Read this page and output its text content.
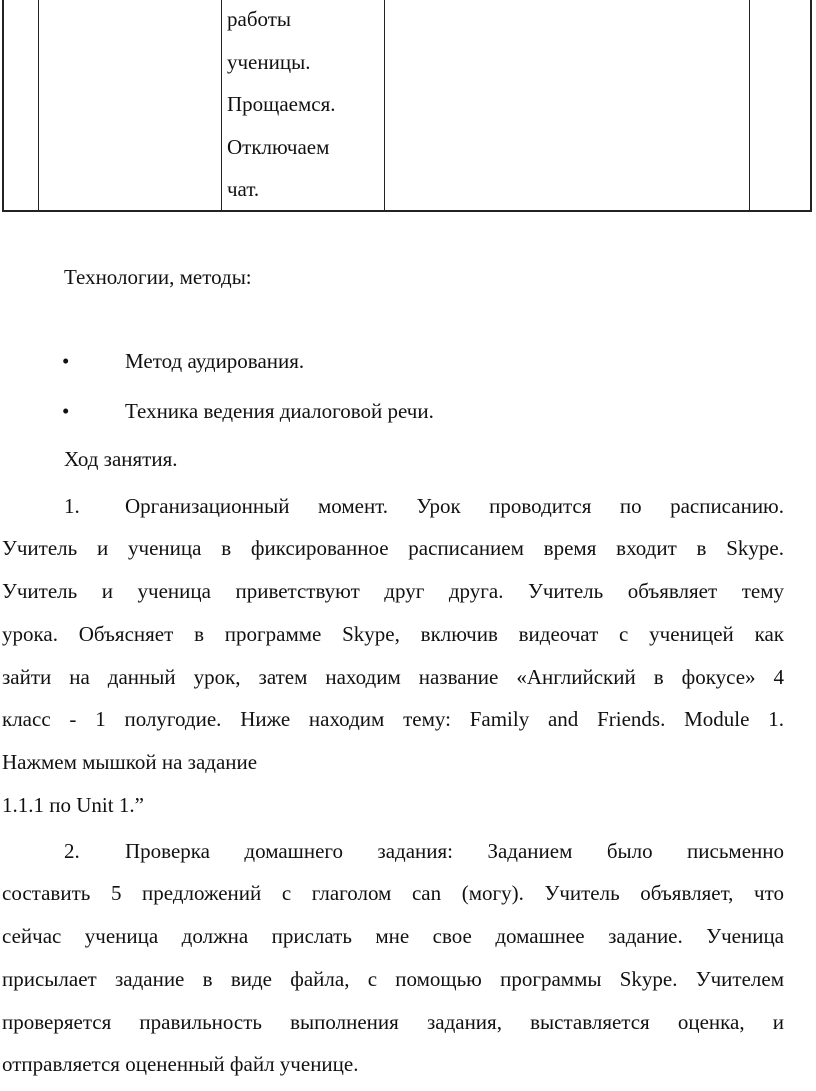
работы
ученицы.
Прощаемся.
Отключаем
чат.
Технологии, методы:
•	Метод аудирования.
•	Техника ведения диалоговой речи.
Ход занятия.
1. Организационный момент. Урок проводится по расписанию.
Учитель и ученица в фиксированное расписанием время входит в Skype.
Учитель и ученица приветствуют друг друга. Учитель объявляет тему
урока. Объясняет в программе Skype, включив видеочат с ученицей как
зайти на данный урок, затем находим название «Английский в фокусе» 4
класс - 1 полугодие. Ниже находим тему: Family and Friends. Module 1.
Нажмем мышкой на задание
1.1.1 по Unit 1.”
2. Проверка домашнего задания: Заданием было письменно
составить 5 предложений с глаголом can (могу). Учитель объявляет, что
сейчас ученица должна прислать мне свое домашнее задание. Ученица
присылает задание в виде файла, с помощью программы Skype. Учителем
проверяется правильность выполнения задания, выставляется оценка, и
отправляется оцененный файл ученице.
